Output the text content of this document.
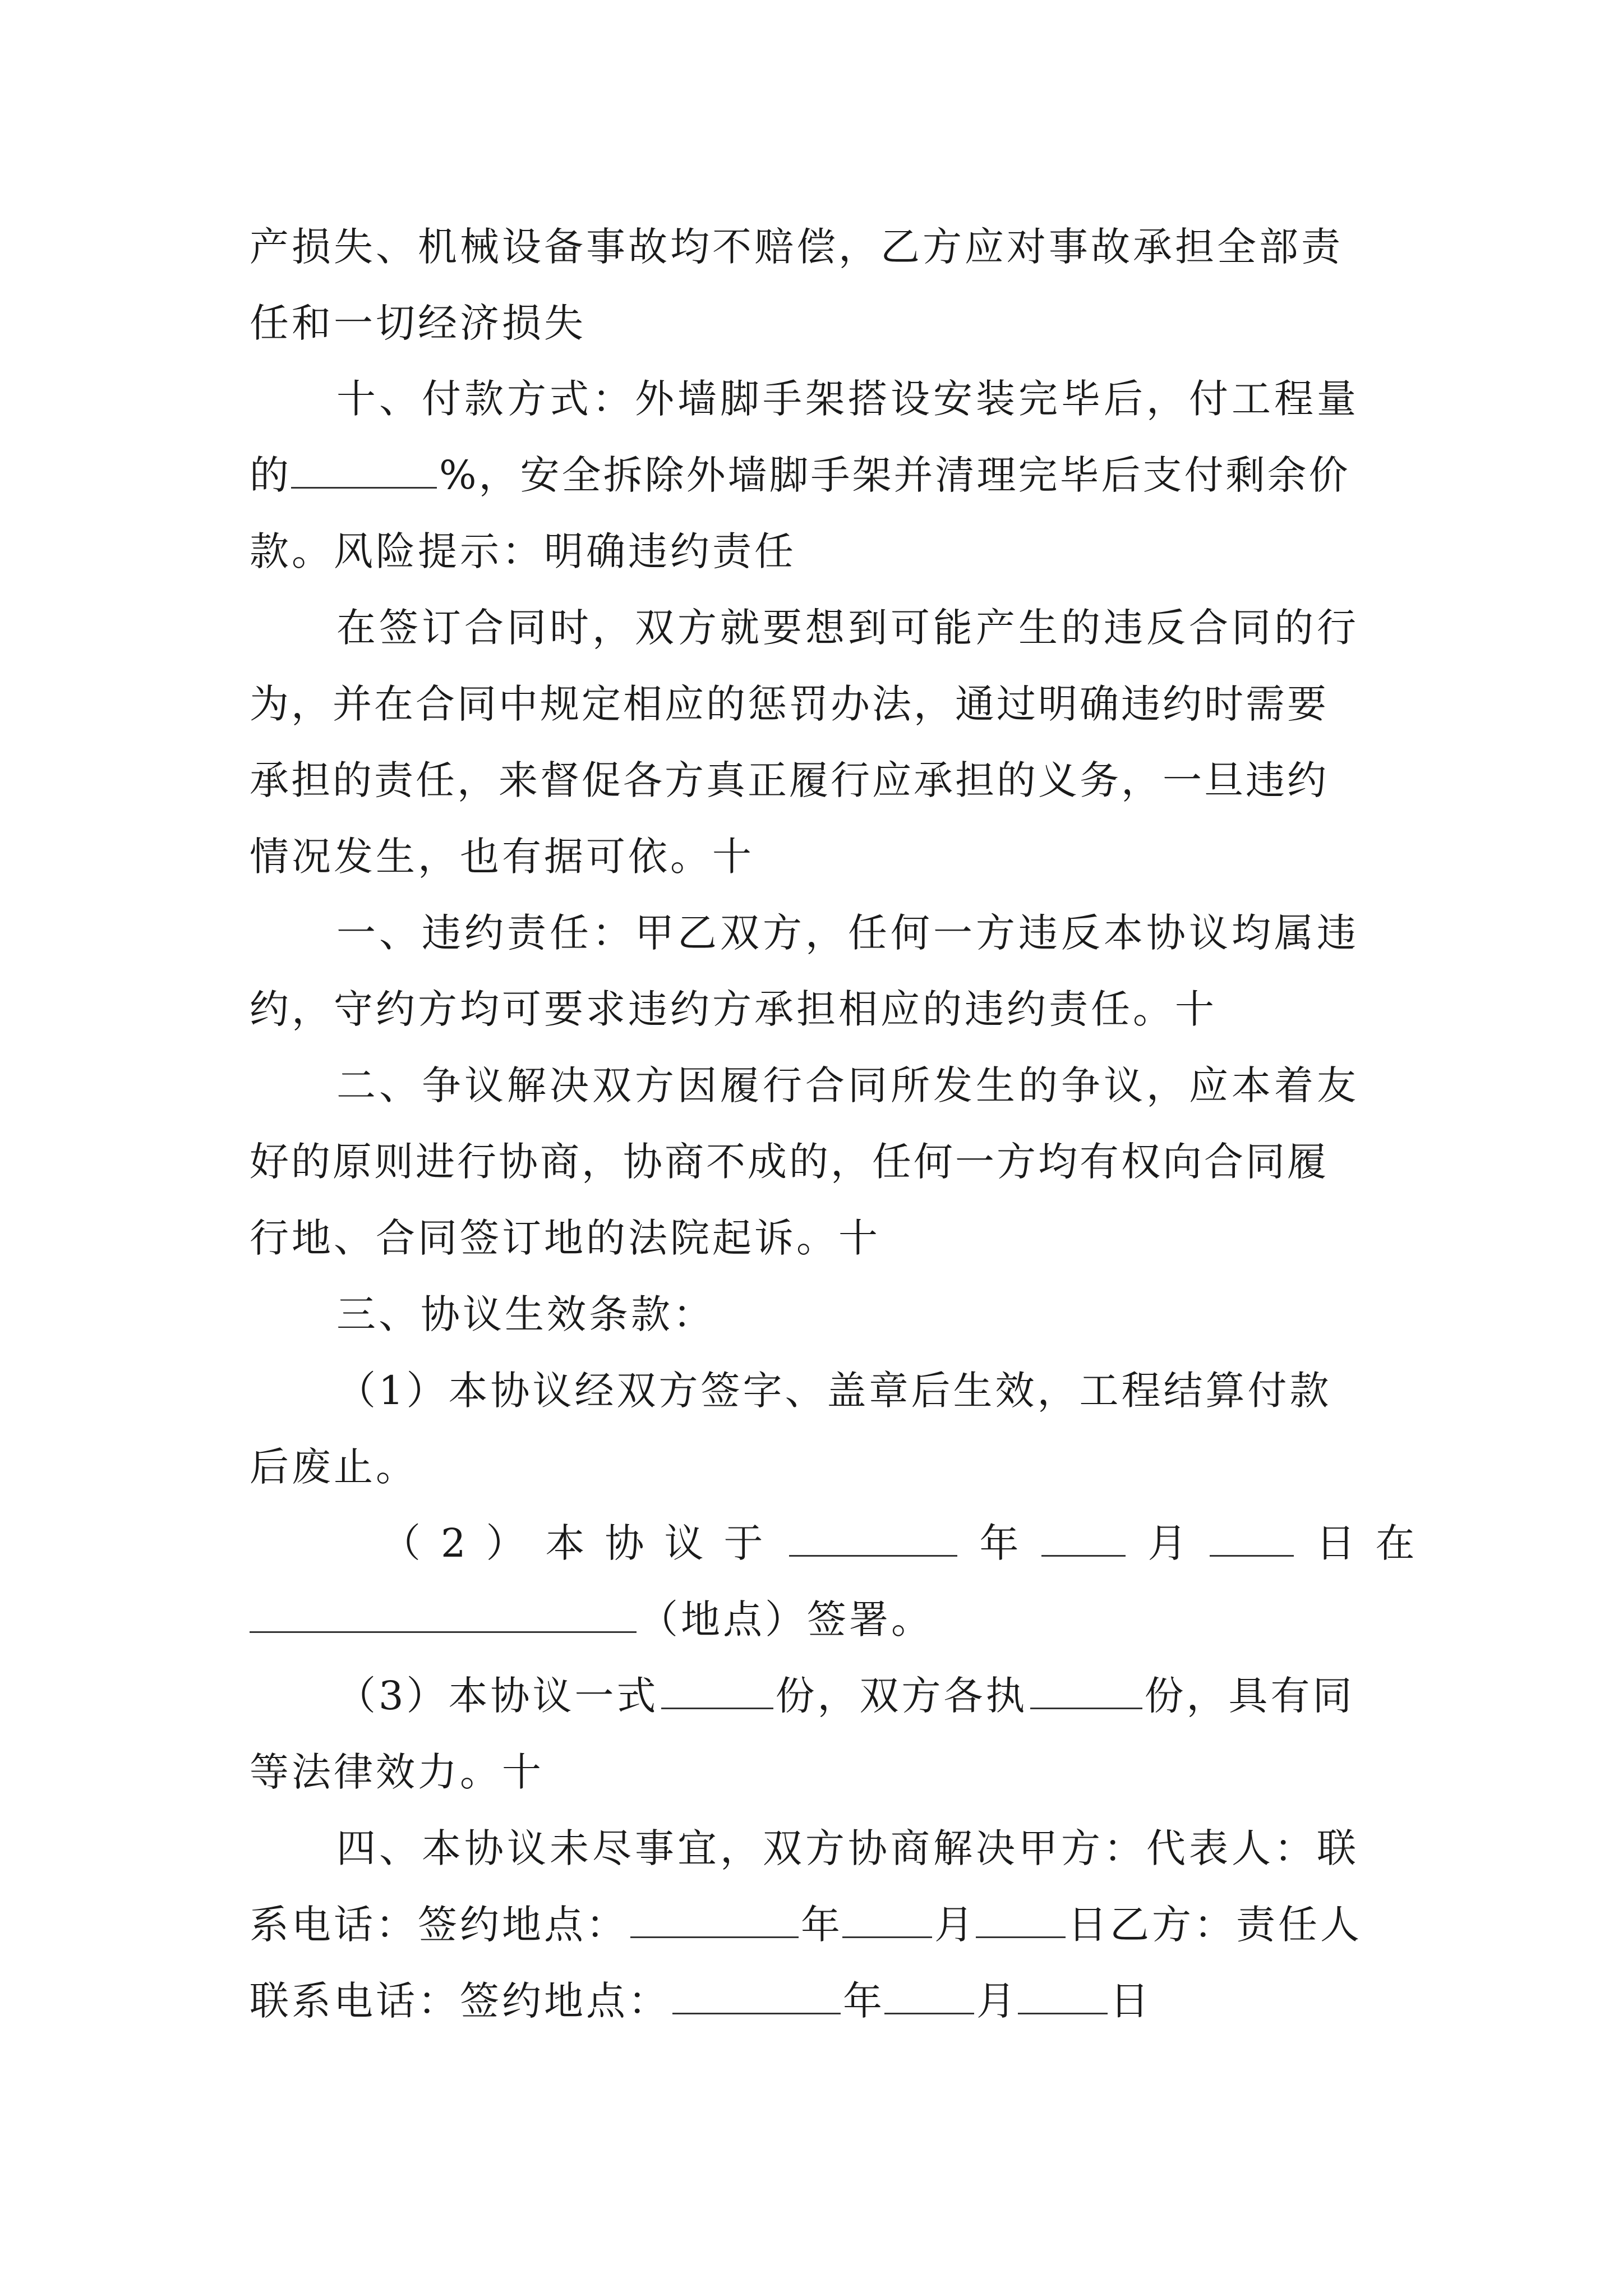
产损失、机械设备事故均不赔偿，乙方应对事故承担全部责
任和一切经济损失
十、付款方式：外墙脚手架搭设安装完毕后，付工程量
的	%，安全拆除外墙脚手架并清理完毕后支付剩余价
款。风险提示：明确违约责任
在签订合同时，双方就要想到可能产生的违反合同的行
为，并在合同中规定相应的惩罚办法，通过明确违约时需要
承担的责任，来督促各方真正履行应承担的义务，一旦违约
情况发生，也有据可依。十
一、违约责任：甲乙双方，任何一方违反本协议均属违
约，守约方均可要求违约方承担相应的违约责任。十
二、争议解决双方因履行合同所发生的争议，应本着友
好的原则进行协商，协商不成的，任何一方均有权向合同履
行地、合同签订地的法院起诉。十
三、协议生效条款：
（1）本协议经双方签字、盖章后生效，工程结算付款
后废止。
（2）本协议于	年	月	日在
（地点）签署。
（3）本协议一式	份，双方各执	份，具有同
等法律效力。十
四、本协议未尽事宜，双方协商解决甲方：代表人：联
系电话：签约地点：	年 月 日乙方：责任人
联系电话：签约地点：	年 月 日
